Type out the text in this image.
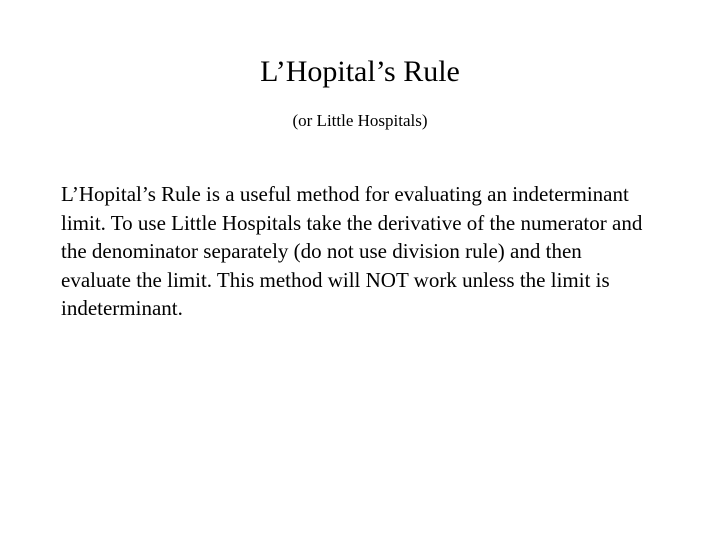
L’Hopital’s Rule
(or Little Hospitals)

L’Hopital’s Rule is a useful method for evaluating an indeterminant limit. To use Little Hospitals take the derivative of the numerator and the denominator separately (do not use division rule) and then evaluate the limit. This method will NOT work unless the limit is indeterminant.
